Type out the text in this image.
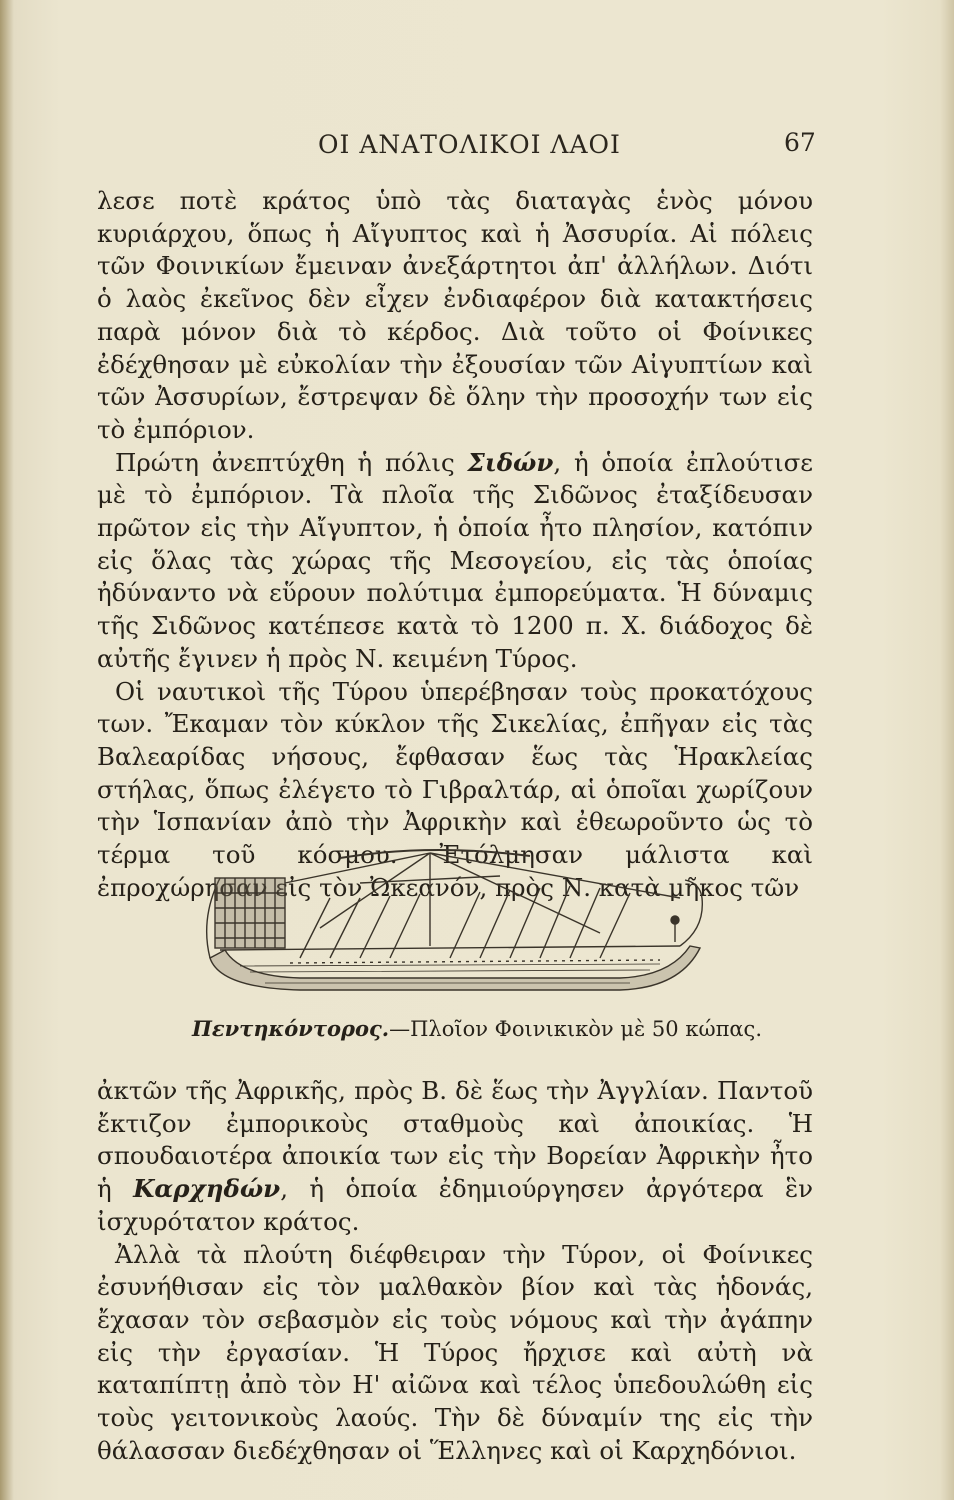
ΟΙ ΑΝΑΤΟΛΙΚΟΙ ΛΑΟΙ	67

λεσε ποτὲ κράτος ὑπὸ τὰς διαταγὰς ἑνὸς μόνου κυριάρχου, ὅπως ἡ Αἴγυπτος καὶ ἡ Ἀσσυρία. Αἱ πόλεις τῶν Φοινικίων ἔμειναν ἀνεξάρτητοι ἀπ' ἀλλήλων. Διότι ὁ λαὸς ἐκεῖνος δὲν εἶχεν ἐνδιαφέρον διὰ κατακτήσεις παρὰ μόνον διὰ τὸ κέρδος. Διὰ τοῦτο οἱ Φοίνικες ἐδέχθησαν μὲ εὐκολίαν τὴν ἐξουσίαν τῶν Αἰγυπτίων καὶ τῶν Ἀσσυρίων, ἔστρεψαν δὲ ὅλην τὴν προσοχήν των εἰς τὸ ἐμπόριον.

Πρώτη ἀνεπτύχθη ἡ πόλις Σιδών, ἡ ὁποία ἐπλούτισε μὲ τὸ ἐμπόριον. Τὰ πλοῖα τῆς Σιδῶνος ἐταξίδευσαν πρῶτον εἰς τὴν Αἴγυπτον, ἡ ὁποία ἦτο πλησίον, κατόπιν εἰς ὅλας τὰς χώρας τῆς Μεσογείου, εἰς τὰς ὁποίας ἠδύναντο νὰ εὕρουν πολύτιμα ἐμπορεύματα. Ἡ δύναμις τῆς Σιδῶνος κατέπεσε κατὰ τὸ 1200 π. Χ. διάδοχος δὲ αὐτῆς ἔγινεν ἡ πρὸς Ν. κειμένη Τύρος.

Οἱ ναυτικοὶ τῆς Τύρου ὑπερέβησαν τοὺς προκατόχους των. Ἔκαμαν τὸν κύκλον τῆς Σικελίας, ἐπῆγαν εἰς τὰς Βαλεαρίδας νήσους, ἔφθασαν ἕως τὰς Ἡρακλείας στήλας, ὅπως ἐλέγετο τὸ Γιβραλτάρ, αἱ ὁποῖαι χωρίζουν τὴν Ἱσπανίαν ἀπὸ τὴν Ἀφρικὴν καὶ ἐθεωροῦντο ὡς τὸ τέρμα τοῦ κόσμου. Ἐτόλμησαν μάλιστα καὶ ἐπροχώρησαν εἰς τὸν Ὠκεανόν, πρὸς Ν. κατὰ μῆκος τῶν

Πεντηκόντορος.—Πλοῖον Φοινικικὸν μὲ 50 κώπας.

ἀκτῶν τῆς Ἀφρικῆς, πρὸς Β. δὲ ἕως τὴν Ἀγγλίαν. Παντοῦ ἔκτιζον ἐμπορικοὺς σταθμοὺς καὶ ἀποικίας. Ἡ σπουδαιοτέρα ἀποικία των εἰς τὴν Βορείαν Ἀφρικὴν ἦτο ἡ Καρχηδών, ἡ ὁποία ἐδημιούργησεν ἀργότερα ἓν ἰσχυρότατον κράτος.

Ἀλλὰ τὰ πλούτη διέφθειραν τὴν Τύρον, οἱ Φοίνικες ἐσυνήθισαν εἰς τὸν μαλθακὸν βίον καὶ τὰς ἡδονάς, ἔχασαν τὸν σεβασμὸν εἰς τοὺς νόμους καὶ τὴν ἀγάπην εἰς τὴν ἐργασίαν. Ἡ Τύρος ἤρχισε καὶ αὐτὴ νὰ καταπίπτῃ ἀπὸ τὸν Η' αἰῶνα καὶ τέλος ὑπεδουλώθη εἰς τοὺς γειτονικοὺς λαούς. Τὴν δὲ δύναμίν της εἰς τὴν θάλασσαν διεδέχθησαν οἱ Ἕλληνες καὶ οἱ Καρχηδόνιοι.
